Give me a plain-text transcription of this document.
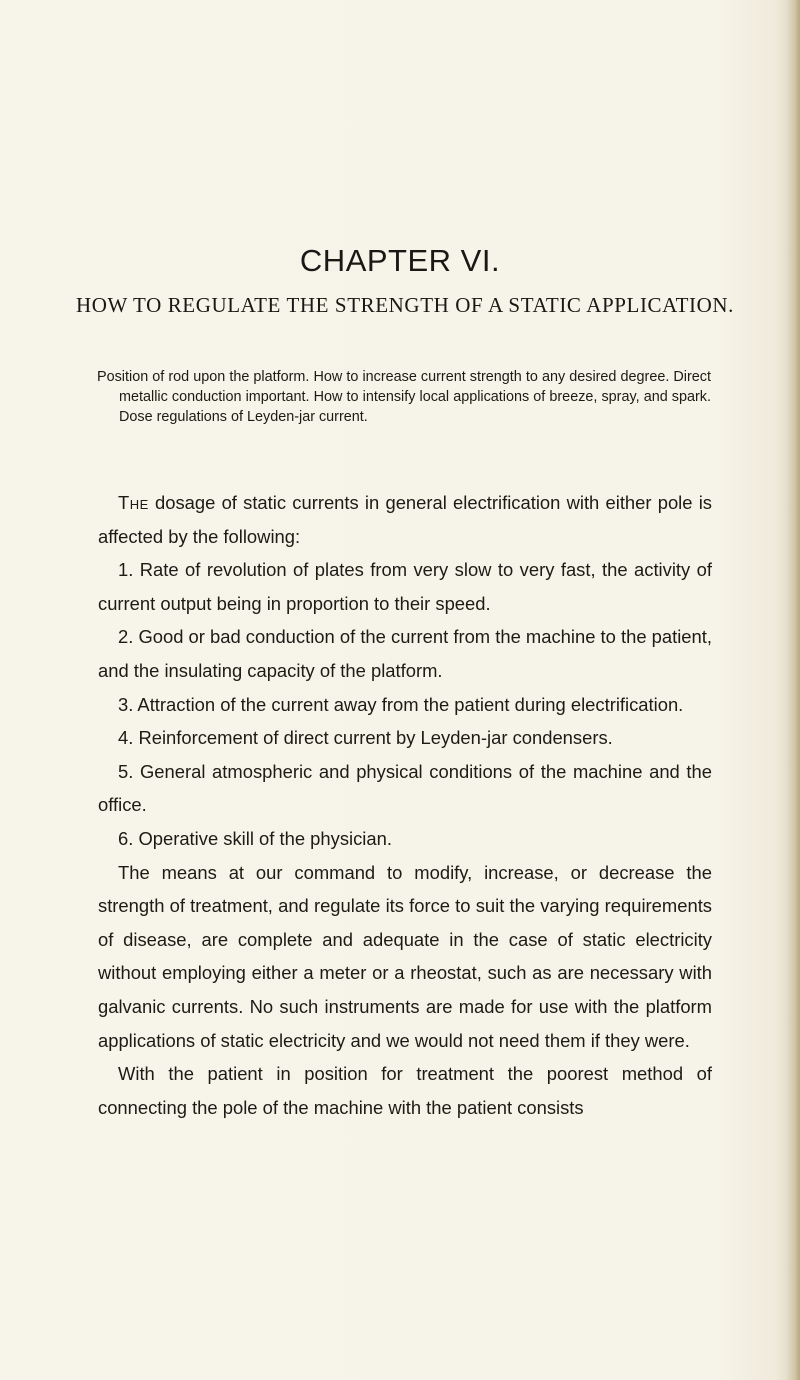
CHAPTER VI.
HOW TO REGULATE THE STRENGTH OF A STATIC APPLICATION.
Position of rod upon the platform. How to increase current strength to any desired degree. Direct metallic conduction important. How to intensify local applications of breeze, spray, and spark. Dose regulations of Leyden-jar current.

The dosage of static currents in general electrification with either pole is affected by the following:

1. Rate of revolution of plates from very slow to very fast, the activity of current output being in proportion to their speed.

2. Good or bad conduction of the current from the machine to the patient, and the insulating capacity of the platform.

3. Attraction of the current away from the patient during electrification.

4. Reinforcement of direct current by Leyden-jar condensers.

5. General atmospheric and physical conditions of the machine and the office.

6. Operative skill of the physician.

The means at our command to modify, increase, or decrease the strength of treatment, and regulate its force to suit the varying requirements of disease, are complete and adequate in the case of static electricity without employing either a meter or a rheostat, such as are necessary with galvanic currents. No such instruments are made for use with the platform applications of static electricity and we would not need them if they were.

With the patient in position for treatment the poorest method of connecting the pole of the machine with the patient consists
